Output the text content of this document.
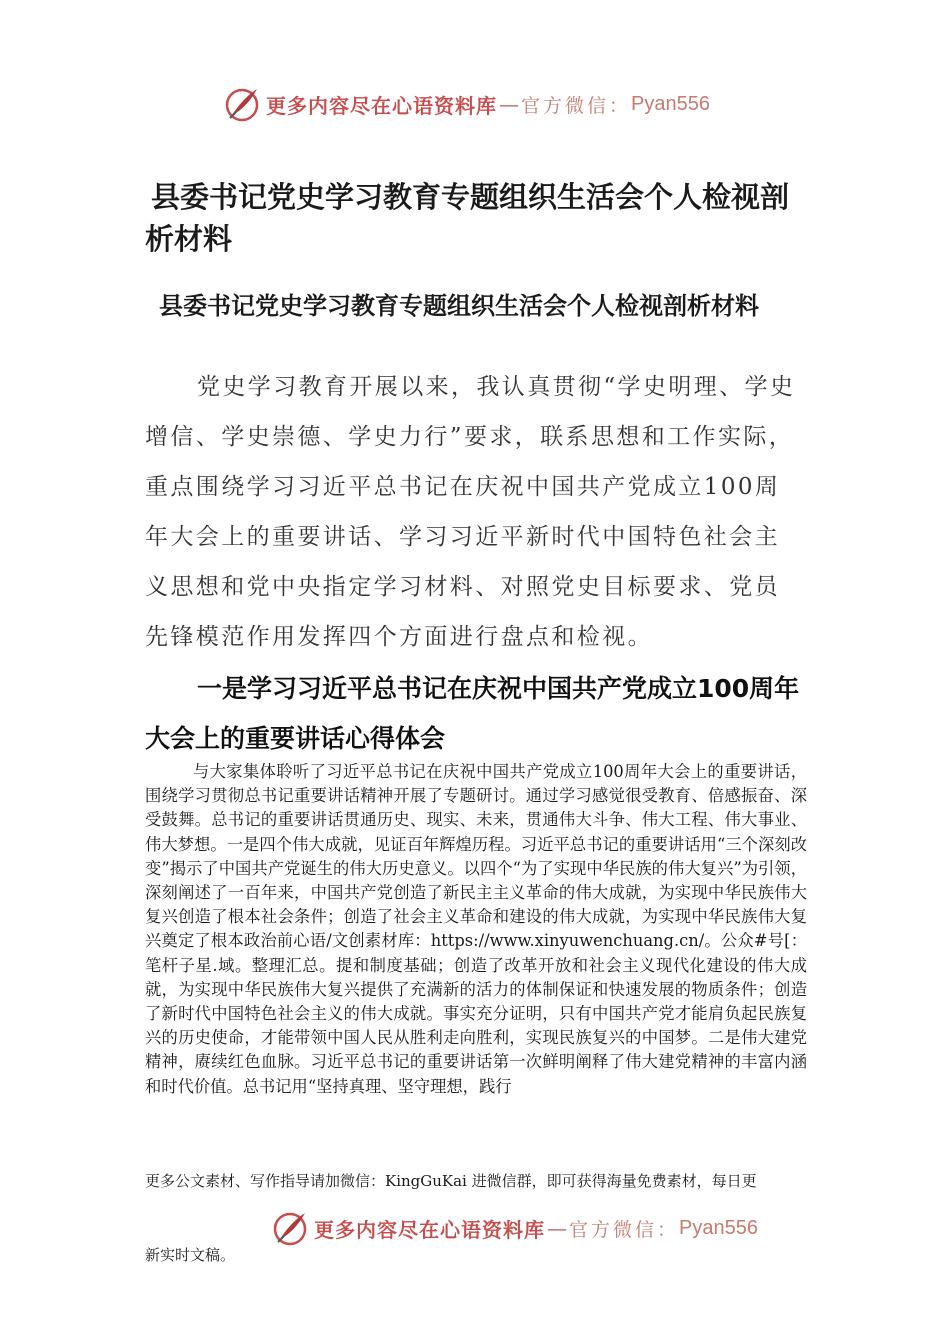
更多内容尽在心语资料库 — 官方微信： Pyan556
县委书记党史学习教育专题组织生活会个人检视剖析材料
县委书记党史学习教育专题组织生活会个人检视剖析材料

党史学习教育开展以来，我认真贯彻“学史明理、学史增信、学史崇德、学史力行”要求，联系思想和工作实际，重点围绕学习习近平总书记在庆祝中国共产党成立100周年大会上的重要讲话、学习习近平新时代中国特色社会主义思想和党中央指定学习材料、对照党史目标要求、党员先锋模范作用发挥四个方面进行盘点和检视。

一是学习习近平总书记在庆祝中国共产党成立100周年大会上的重要讲话心得体会

与大家集体聆听了习近平总书记在庆祝中国共产党成立100周年大会上的重要讲话，围绕学习贯彻总书记重要讲话精神开展了专题研讨。通过学习感觉很受教育、倍感振奋、深受鼓舞。总书记的重要讲话贯通历史、现实、未来，贯通伟大斗争、伟大工程、伟大事业、伟大梦想。一是四个伟大成就，见证百年辉煌历程。习近平总书记的重要讲话用“三个深刻改变”揭示了中国共产党诞生的伟大历史意义。以四个“为了实现中华民族的伟大复兴”为引领，深刻阐述了一百年来，中国共产党创造了新民主主义革命的伟大成就，为实现中华民族伟大复兴创造了根本社会条件；创造了社会主义革命和建设的伟大成就，为实现中华民族伟大复兴奠定了根本政治前心语/文创素材库：https://www.xinyuwenchuang.cn/。公众#号[：笔杆子星.域。整理汇总。提和制度基础；创造了改革开放和社会主义现代化建设的伟大成就，为实现中华民族伟大复兴提供了充满新的活力的体制保证和快速发展的物质条件；创造了新时代中国特色社会主义的伟大成就。事实充分证明，只有中国共产党才能肩负起民族复兴的历史使命，才能带领中国人民从胜利走向胜利，实现民族复兴的中国梦。二是伟大建党精神，赓续红色血脉。习近平总书记的重要讲话第一次鲜明阐释了伟大建党精神的丰富内涵和时代价值。总书记用“坚持真理、坚守理想，践行

更多公文素材、写作指导请加微信：KingGuKai 进微信群，即可获得海量免费素材，每日更

更多内容尽在心语资料库 — 官方微信： Pyan556

新实时文稿。
